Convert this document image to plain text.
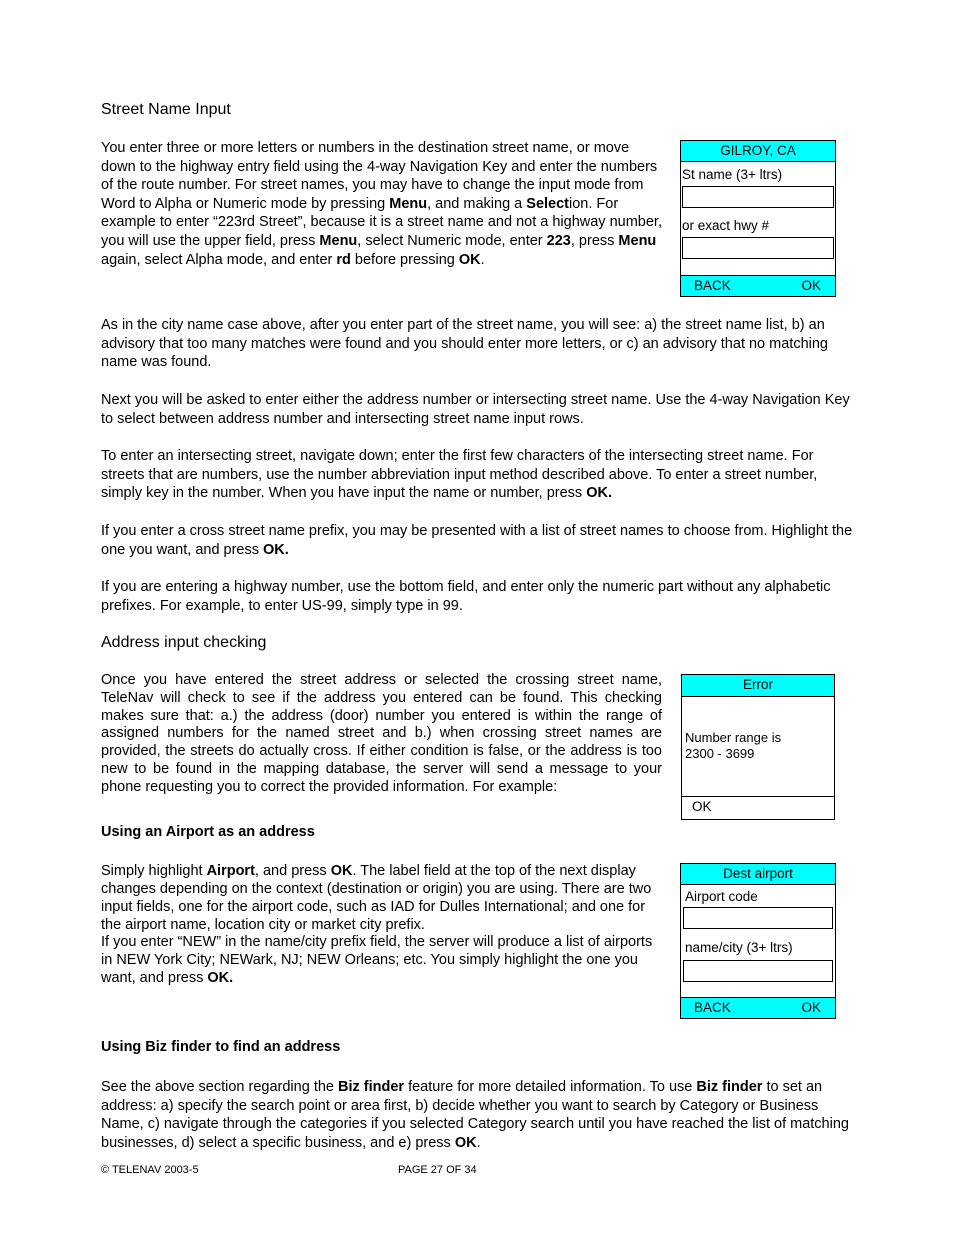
Street Name Input

You enter three or more letters or numbers in the destination street name, or move down to the highway entry field using the 4-way Navigation Key and enter the numbers of the route number. For street names, you may have to change the input mode from Word to Alpha or Numeric mode by pressing Menu, and making a Selection. For example to enter “223rd Street”, because it is a street name and not a highway number, you will use the upper field, press Menu, select Numeric mode, enter 223, press Menu again, select Alpha mode, and enter rd before pressing OK.

GILROY, CA
St name (3+ ltrs)
or exact hwy #
BACK	OK

As in the city name case above, after you enter part of the street name, you will see: a) the street name list, b) an advisory that too many matches were found and you should enter more letters, or c) an advisory that no matching name was found.

Next you will be asked to enter either the address number or intersecting street name. Use the 4-way Navigation Key to select between address number and intersecting street name input rows.

To enter an intersecting street, navigate down; enter the first few characters of the intersecting street name. For streets that are numbers, use the number abbreviation input method described above. To enter a street number, simply key in the number. When you have input the name or number, press OK.

If you enter a cross street name prefix, you may be presented with a list of street names to choose from. Highlight the one you want, and press OK.

If you are entering a highway number, use the bottom field, and enter only the numeric part without any alphabetic prefixes. For example, to enter US-99, simply type in 99.

Address input checking

Once you have entered the street address or selected the crossing street name, TeleNav will check to see if the address you entered can be found. This checking makes sure that: a.) the address (door) number you entered is within the range of assigned numbers for the named street and b.) when crossing street names are provided, the streets do actually cross. If either condition is false, or the address is too new to be found in the mapping database, the server will send a message to your phone requesting you to correct the provided information. For example:

Error
Number range is
2300 - 3699
OK
Using an Airport as an address

Simply highlight Airport, and press OK. The label field at the top of the next display changes depending on the context (destination or origin) you are using. There are two input fields, one for the airport code, such as IAD for Dulles International; and one for the airport name, location city or market city prefix.

If you enter “NEW” in the name/city prefix field, the server will produce a list of airports in NEW York City; NEWark, NJ; NEW Orleans; etc. You simply highlight the one you want, and press OK.

Dest airport
Airport code
name/city (3+ ltrs)
BACK	OK
Using Biz finder to find an address

See the above section regarding the Biz finder feature for more detailed information. To use Biz finder to set an address: a) specify the search point or area first, b) decide whether you want to search by Category or Business Name, c) navigate through the categories if you selected Category search until you have reached the list of matching businesses, d) select a specific business, and e) press OK.

© TELENAV 2003-5	PAGE 27 OF 34
